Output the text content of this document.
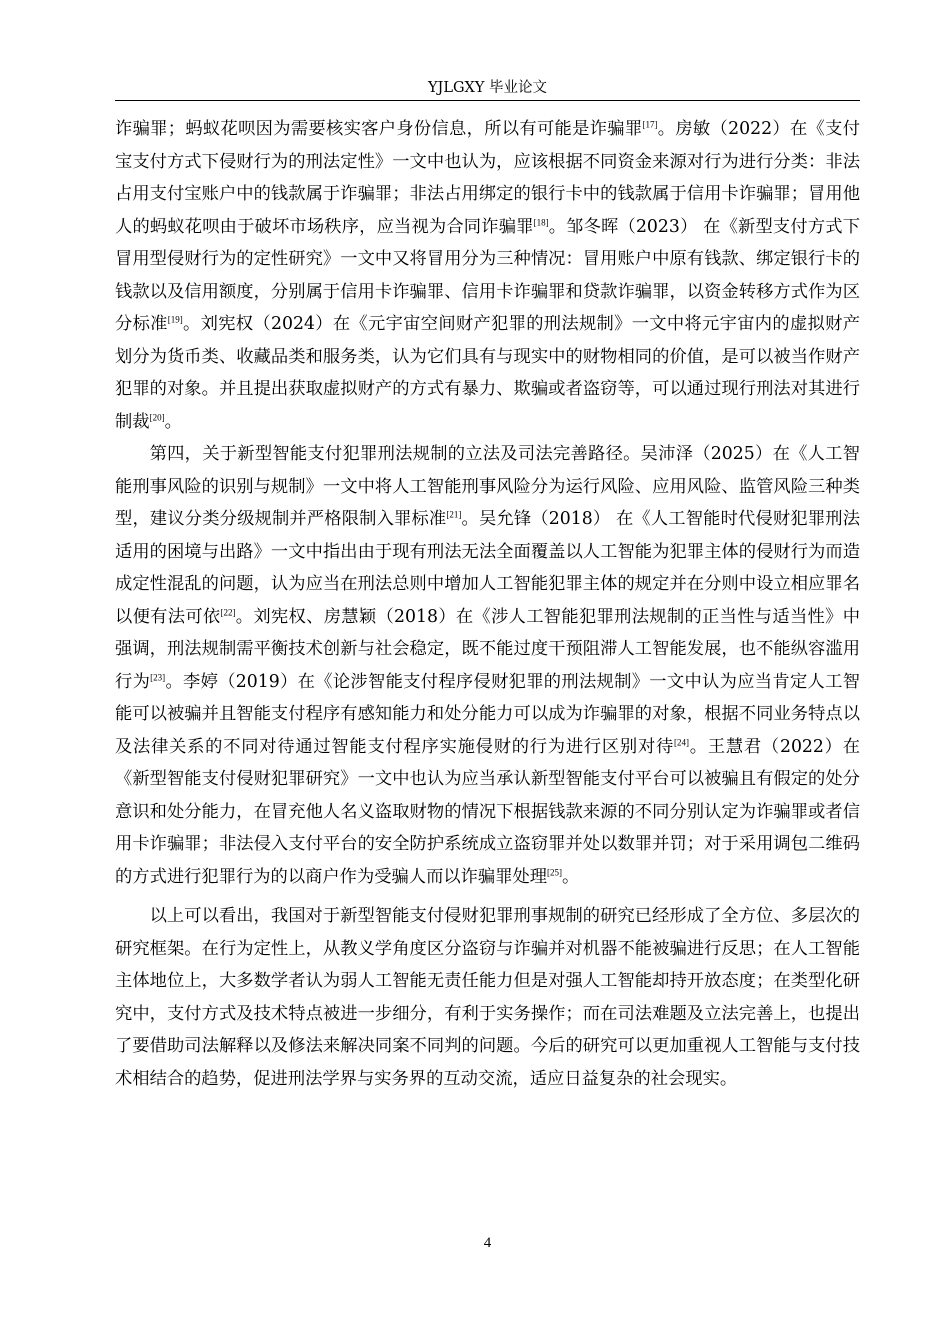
YJLGXY 毕业论文

诈骗罪；蚂蚁花呗因为需要核实客户身份信息，所以有可能是诈骗罪[17]。房敏（2022）在《支付宝支付方式下侵财行为的刑法定性》一文中也认为，应该根据不同资金来源对行为进行分类：非法占用支付宝账户中的钱款属于诈骗罪；非法占用绑定的银行卡中的钱款属于信用卡诈骗罪；冒用他人的蚂蚁花呗由于破坏市场秩序，应当视为合同诈骗罪[18]。邹冬晖（2023） 在《新型支付方式下冒用型侵财行为的定性研究》一文中又将冒用分为三种情况：冒用账户中原有钱款、绑定银行卡的钱款以及信用额度，分别属于信用卡诈骗罪、信用卡诈骗罪和贷款诈骗罪，以资金转移方式作为区分标准[19]。刘宪权（2024）在《元宇宙空间财产犯罪的刑法规制》一文中将元宇宙内的虚拟财产划分为货币类、收藏品类和服务类，认为它们具有与现实中的财物相同的价值，是可以被当作财产犯罪的对象。并且提出获取虚拟财产的方式有暴力、欺骗或者盗窃等，可以通过现行刑法对其进行制裁[20]。

第四，关于新型智能支付犯罪刑法规制的立法及司法完善路径。吴沛泽（2025）在《人工智能刑事风险的识别与规制》一文中将人工智能刑事风险分为运行风险、应用风险、监管风险三种类型，建议分类分级规制并严格限制入罪标准[21]。吴允锋（2018） 在《人工智能时代侵财犯罪刑法适用的困境与出路》一文中指出由于现有刑法无法全面覆盖以人工智能为犯罪主体的侵财行为而造成定性混乱的问题，认为应当在刑法总则中增加人工智能犯罪主体的规定并在分则中设立相应罪名以便有法可依[22]。刘宪权、房慧颖（2018）在《涉人工智能犯罪刑法规制的正当性与适当性》中强调，刑法规制需平衡技术创新与社会稳定，既不能过度干预阻滞人工智能发展，也不能纵容滥用行为[23]。李婷（2019）在《论涉智能支付程序侵财犯罪的刑法规制》一文中认为应当肯定人工智能可以被骗并且智能支付程序有感知能力和处分能力可以成为诈骗罪的对象，根据不同业务特点以及法律关系的不同对待通过智能支付程序实施侵财的行为进行区别对待[24]。王慧君（2022）在《新型智能支付侵财犯罪研究》一文中也认为应当承认新型智能支付平台可以被骗且有假定的处分意识和处分能力，在冒充他人名义盗取财物的情况下根据钱款来源的不同分别认定为诈骗罪或者信用卡诈骗罪；非法侵入支付平台的安全防护系统成立盗窃罪并处以数罪并罚；对于采用调包二维码的方式进行犯罪行为的以商户作为受骗人而以诈骗罪处理[25]。

以上可以看出，我国对于新型智能支付侵财犯罪刑事规制的研究已经形成了全方位、多层次的研究框架。在行为定性上，从教义学角度区分盗窃与诈骗并对机器不能被骗进行反思；在人工智能主体地位上，大多数学者认为弱人工智能无责任能力但是对强人工智能却持开放态度；在类型化研究中，支付方式及技术特点被进一步细分，有利于实务操作；而在司法难题及立法完善上，也提出了要借助司法解释以及修法来解决同案不同判的问题。今后的研究可以更加重视人工智能与支付技术相结合的趋势，促进刑法学界与实务界的互动交流，适应日益复杂的社会现实。

4
